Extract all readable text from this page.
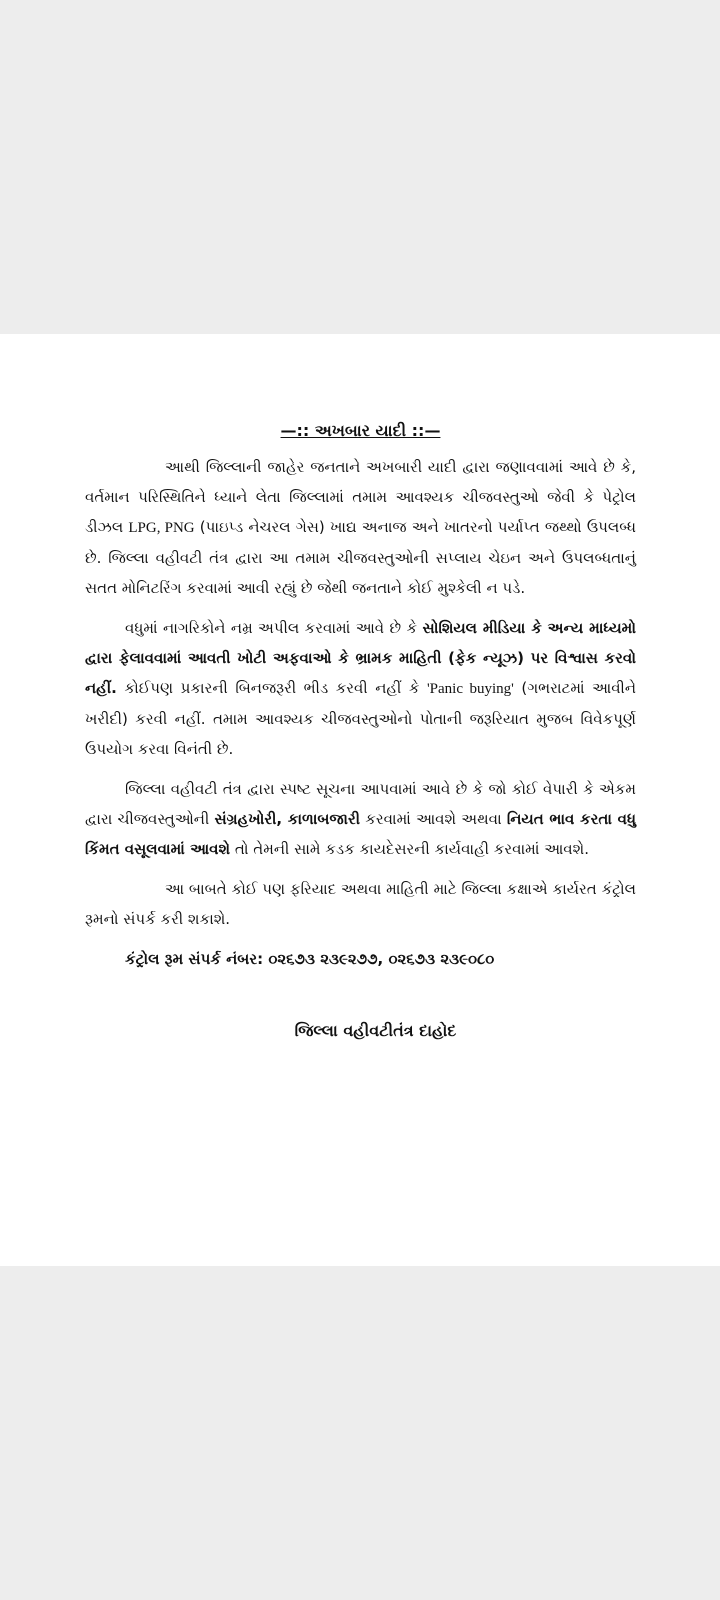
—:: અખબાર યાદી ::—

આથી જિલ્લાની જાહેર જનતાને અખબારી યાદી દ્વારા જણાવવામાં આવે છે કે, વર્તમાન પરિસ્થિતિને ધ્યાને લેતા જિલ્લામાં તમામ આવશ્યક ચીજવસ્તુઓ જેવી કે પેટ્રોલ ડીઝલ LPG, PNG (પાઇપ્ડ નેચરલ ગેસ) ખાદ્ય અનાજ અને ખાતરનો પર્યાપ્ત જથ્થો ઉપલબ્ધ છે. જિલ્લા વહીવટી તંત્ર દ્વારા આ તમામ ચીજવસ્તુઓની સપ્લાય ચેઇન અને ઉપલબ્ધતાનું સતત મોનિટરિંગ કરવામાં આવી રહ્યું છે જેથી જનતાને કોઈ મુશ્કેલી ન પડે.

વધુમાં નાગરિકોને નમ્ર અપીલ કરવામાં આવે છે કે સોશિયલ મીડિયા કે અન્ય માધ્યમો દ્વારા ફેલાવવામાં આવતી ખોટી અફવાઓ કે ભ્રામક માહિતી (ફેક ન્યૂઝ) પર વિશ્વાસ કરવો નહીં. કોઈપણ પ્રકારની બિનજરૂરી ભીડ કરવી નહીં કે 'Panic buying' (ગભરાટમાં આવીને ખરીદી) કરવી નહીં. તમામ આવશ્યક ચીજવસ્તુઓનો પોતાની જરૂરિયાત મુજબ વિવેકપૂર્ણ ઉપયોગ કરવા વિનંતી છે.

જિલ્લા વહીવટી તંત્ર દ્વારા સ્પષ્ટ સૂચના આપવામાં આવે છે કે જો કોઈ વેપારી કે એકમ દ્વારા ચીજવસ્તુઓની સંગ્રહખોરી, કાળાબજારી કરવામાં આવશે અથવા નિયત ભાવ કરતા વધુ કિંમત વસૂલવામાં આવશે તો તેમની સામે કડક કાયદેસરની કાર્યવાહી કરવામાં આવશે.

આ બાબતે કોઈ પણ ફરિયાદ અથવા માહિતી માટે જિલ્લા કક્ષાએ કાર્યરત કંટ્રોલ રૂમનો સંપર્ક કરી શકાશે.

કંટ્રોલ રૂમ સંપર્ક નંબર: ૦૨૬૭૩ ૨૩૯૨૭૭, ૦૨૬૭૩ ૨૩૯૦૮૦
જિલ્લા વહીવટીતંત્ર દાહોદ
